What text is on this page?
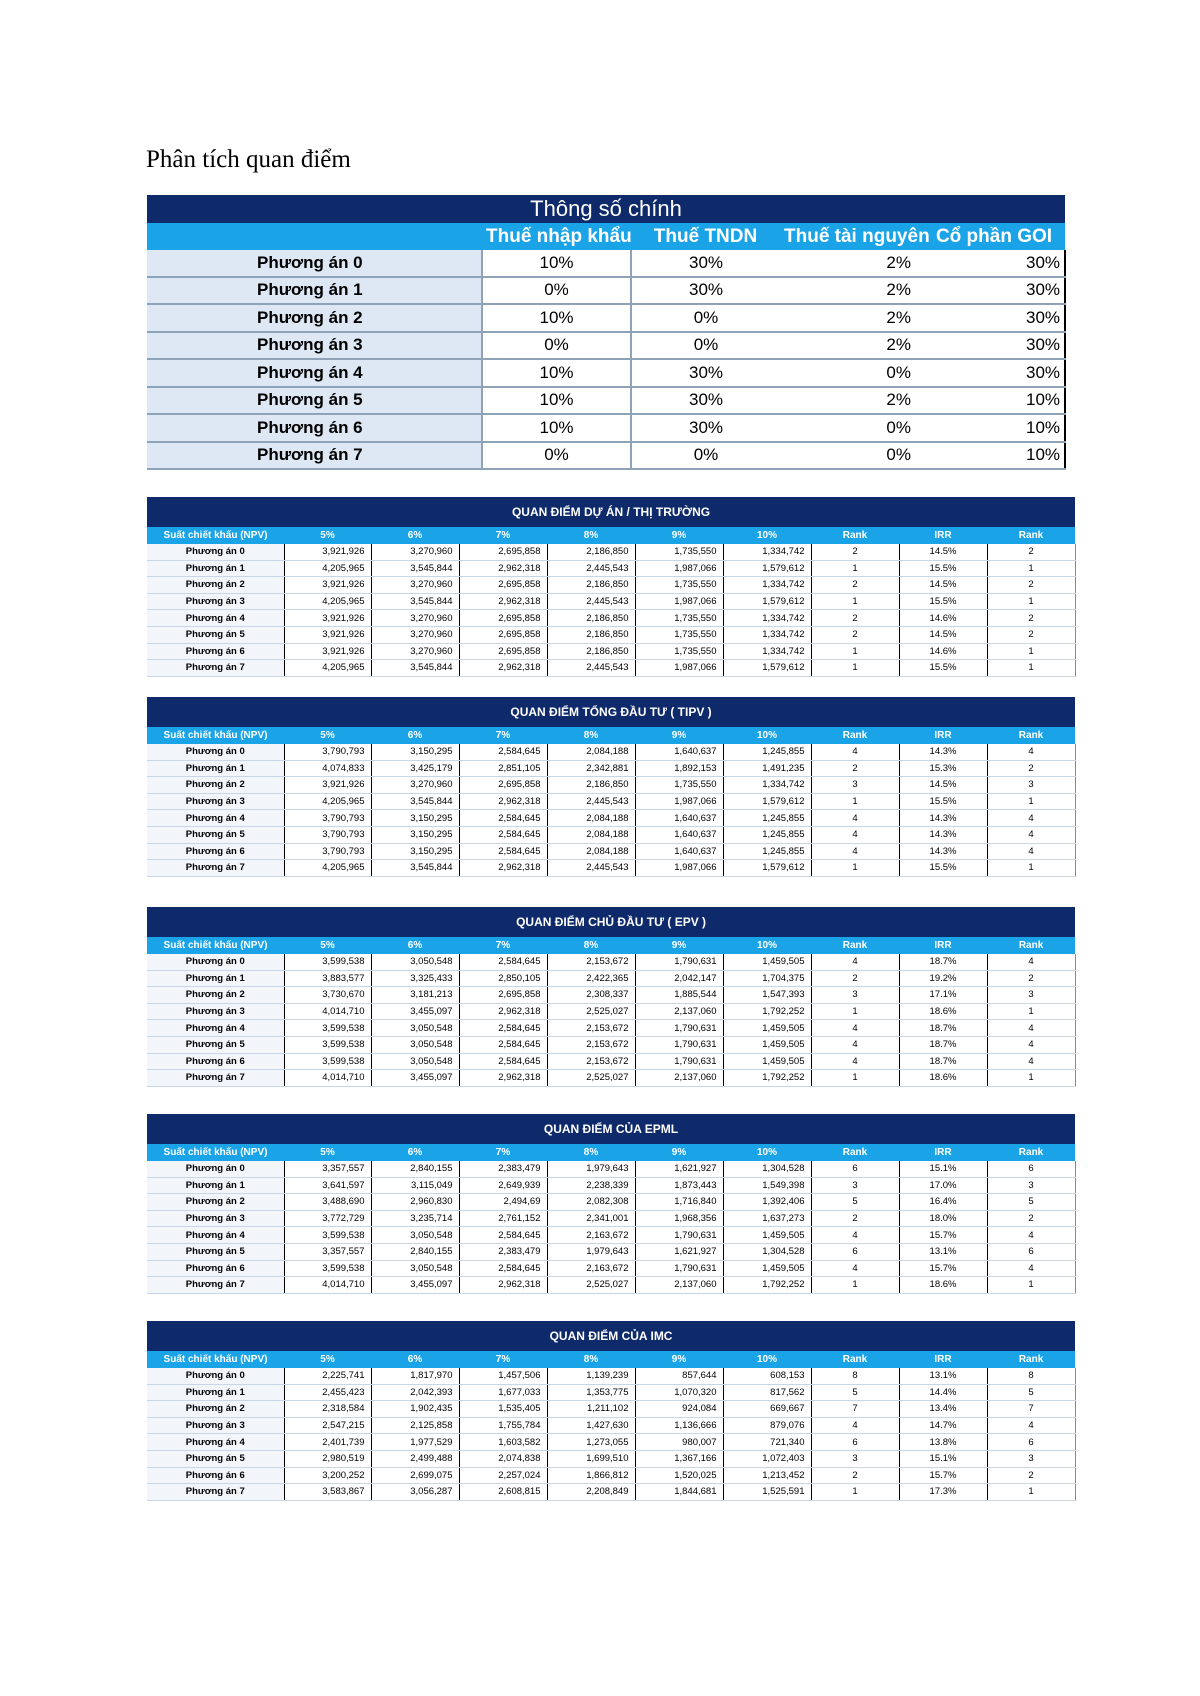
Phân tích quan điểm
Thông số chính				
	Thuế nhập khẩu	Thuế TNDN	Thuế tài nguyên	Cổ phần GOI
Phương án 0	10%	30%	2%	30%
Phương án 1	0%	30%	2%	30%
Phương án 2	10%	0%	2%	30%
Phương án 3	0%	0%	2%	30%
Phương án 4	10%	30%	0%	30%
Phương án 5	10%	30%	2%	10%
Phương án 6	10%	30%	0%	10%
Phương án 7	0%	0%	0%	10%
QUAN ĐIỂM DỰ ÁN / THỊ TRƯỜNG									
Suất chiết khấu (NPV)	5%	6%	7%	8%	9%	10%	Rank	IRR	Rank
Phương án 0	3,921,926	3,270,960	2,695,858	2,186,850	1,735,550	1,334,742	2	14.5%	2
Phương án 1	4,205,965	3,545,844	2,962,318	2,445,543	1,987,066	1,579,612	1	15.5%	1
Phương án 2	3,921,926	3,270,960	2,695,858	2,186,850	1,735,550	1,334,742	2	14.5%	2
Phương án 3	4,205,965	3,545,844	2,962,318	2,445,543	1,987,066	1,579,612	1	15.5%	1
Phương án 4	3,921,926	3,270,960	2,695,858	2,186,850	1,735,550	1,334,742	2	14.6%	2
Phương án 5	3,921,926	3,270,960	2,695,858	2,186,850	1,735,550	1,334,742	2	14.5%	2
Phương án 6	3,921,926	3,270,960	2,695,858	2,186,850	1,735,550	1,334,742	1	14.6%	1
Phương án 7	4,205,965	3,545,844	2,962,318	2,445,543	1,987,066	1,579,612	1	15.5%	1
QUAN ĐIỂM TỔNG ĐẦU TƯ ( TIPV )									
Suất chiết khấu (NPV)	5%	6%	7%	8%	9%	10%	Rank	IRR	Rank
Phương án 0	3,790,793	3,150,295	2,584,645	2,084,188	1,640,637	1,245,855	4	14.3%	4
Phương án 1	4,074,833	3,425,179	2,851,105	2,342,881	1,892,153	1,491,235	2	15.3%	2
Phương án 2	3,921,926	3,270,960	2,695,858	2,186,850	1,735,550	1,334,742	3	14.5%	3
Phương án 3	4,205,965	3,545,844	2,962,318	2,445,543	1,987,066	1,579,612	1	15.5%	1
Phương án 4	3,790,793	3,150,295	2,584,645	2,084,188	1,640,637	1,245,855	4	14.3%	4
Phương án 5	3,790,793	3,150,295	2,584,645	2,084,188	1,640,637	1,245,855	4	14.3%	4
Phương án 6	3,790,793	3,150,295	2,584,645	2,084,188	1,640,637	1,245,855	4	14.3%	4
Phương án 7	4,205,965	3,545,844	2,962,318	2,445,543	1,987,066	1,579,612	1	15.5%	1
QUAN ĐIỂM CHỦ ĐẦU TƯ ( EPV )									
Suất chiết khấu (NPV)	5%	6%	7%	8%	9%	10%	Rank	IRR	Rank
Phương án 0	3,599,538	3,050,548	2,584,645	2,153,672	1,790,631	1,459,505	4	18.7%	4
Phương án 1	3,883,577	3,325,433	2,850,105	2,422,365	2,042,147	1,704,375	2	19.2%	2
Phương án 2	3,730,670	3,181,213	2,695,858	2,308,337	1,885,544	1,547,393	3	17.1%	3
Phương án 3	4,014,710	3,455,097	2,962,318	2,525,027	2,137,060	1,792,252	1	18.6%	1
Phương án 4	3,599,538	3,050,548	2,584,645	2,153,672	1,790,631	1,459,505	4	18.7%	4
Phương án 5	3,599,538	3,050,548	2,584,645	2,153,672	1,790,631	1,459,505	4	18.7%	4
Phương án 6	3,599,538	3,050,548	2,584,645	2,153,672	1,790,631	1,459,505	4	18.7%	4
Phương án 7	4,014,710	3,455,097	2,962,318	2,525,027	2,137,060	1,792,252	1	18.6%	1
QUAN ĐIỂM CỦA EPML									
Suất chiết khấu (NPV)	5%	6%	7%	8%	9%	10%	Rank	IRR	Rank
Phương án 0	3,357,557	2,840,155	2,383,479	1,979,643	1,621,927	1,304,528	6	15.1%	6
Phương án 1	3,641,597	3,115,049	2,649,939	2,238,339	1,873,443	1,549,398	3	17.0%	3
Phương án 2	3,488,690	2,960,830	2,494,69	2,082,308	1,716,840	1,392,406	5	16.4%	5
Phương án 3	3,772,729	3,235,714	2,761,152	2,341,001	1,968,356	1,637,273	2	18.0%	2
Phương án 4	3,599,538	3,050,548	2,584,645	2,163,672	1,790,631	1,459,505	4	15.7%	4
Phương án 5	3,357,557	2,840,155	2,383,479	1,979,643	1,621,927	1,304,528	6	13.1%	6
Phương án 6	3,599,538	3,050,548	2,584,645	2,163,672	1,790,631	1,459,505	4	15.7%	4
Phương án 7	4,014,710	3,455,097	2,962,318	2,525,027	2,137,060	1,792,252	1	18.6%	1
QUAN ĐIỂM CỦA IMC									
Suất chiết khấu (NPV)	5%	6%	7%	8%	9%	10%	Rank	IRR	Rank
Phương án 0	2,225,741	1,817,970	1,457,506	1,139,239	857,644	608,153	8	13.1%	8
Phương án 1	2,455,423	2,042,393	1,677,033	1,353,775	1,070,320	817,562	5	14.4%	5
Phương án 2	2,318,584	1,902,435	1,535,405	1,211,102	924,084	669,667	7	13.4%	7
Phương án 3	2,547,215	2,125,858	1,755,784	1,427,630	1,136,666	879,076	4	14.7%	4
Phương án 4	2,401,739	1,977,529	1,603,582	1,273,055	980,007	721,340	6	13.8%	6
Phương án 5	2,980,519	2,499,488	2,074,838	1,699,510	1,367,166	1,072,403	3	15.1%	3
Phương án 6	3,200,252	2,699,075	2,257,024	1,866,812	1,520,025	1,213,452	2	15.7%	2
Phương án 7	3,583,867	3,056,287	2,608,815	2,208,849	1,844,681	1,525,591	1	17.3%	1
